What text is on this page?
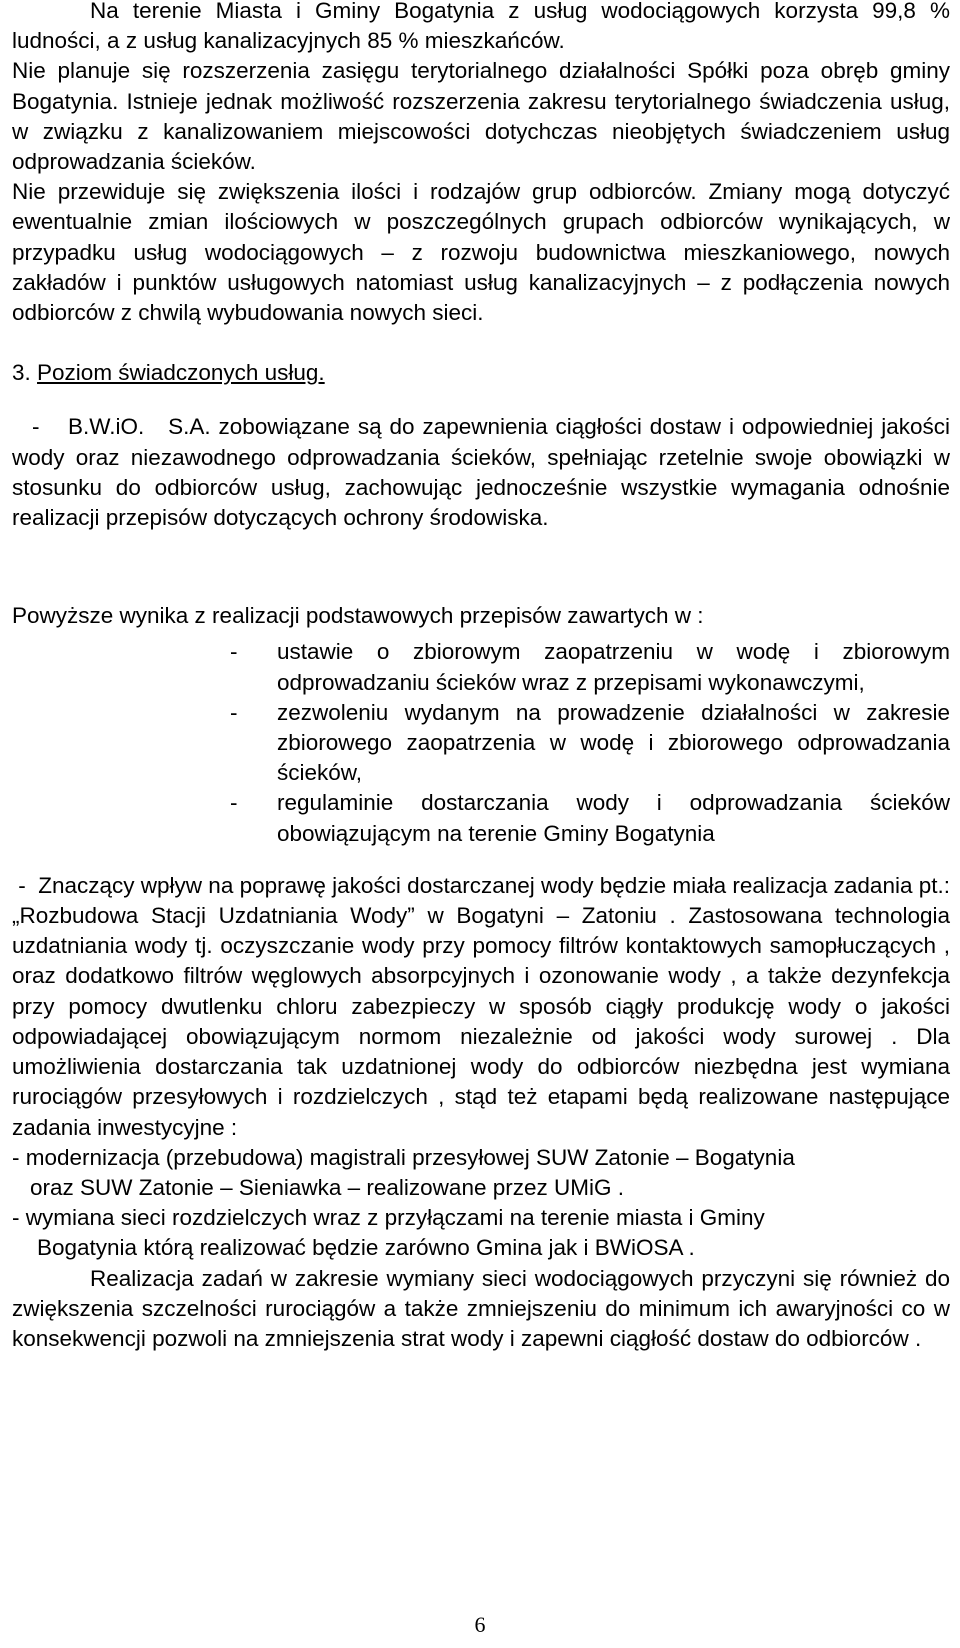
Na terenie Miasta i Gminy Bogatynia z usług wodociągowych korzysta 99,8 % ludności, a z usług kanalizacyjnych 85 % mieszkańców.

Nie planuje się rozszerzenia zasięgu terytorialnego działalności Spółki poza obręb gminy Bogatynia. Istnieje jednak możliwość rozszerzenia zakresu terytorialnego świadczenia usług, w związku z kanalizowaniem miejscowości dotychczas nieobjętych świadczeniem usług odprowadzania ścieków.

Nie przewiduje się zwiększenia ilości i rodzajów grup odbiorców. Zmiany mogą dotyczyć ewentualnie zmian ilościowych w poszczególnych grupach odbiorców wynikających, w przypadku usług wodociągowych – z rozwoju budownictwa mieszkaniowego, nowych zakładów i punktów usługowych natomiast usług kanalizacyjnych – z podłączenia nowych odbiorców z chwilą wybudowania nowych sieci.

3. Poziom świadczonych usług.

- B.W.iO.   S.A. zobowiązane są do zapewnienia ciągłości dostaw i odpowiedniej jakości wody oraz niezawodnego odprowadzania ścieków, spełniając rzetelnie swoje obowiązki w stosunku do odbiorców usług, zachowując jednocześnie wszystkie wymagania odnośnie realizacji przepisów dotyczących ochrony środowiska.

Powyższe wynika z realizacji podstawowych przepisów zawartych w :

- ustawie o zbiorowym zaopatrzeniu w wodę i zbiorowym odprowadzaniu ścieków wraz z przepisami wykonawczymi,
- zezwoleniu wydanym na prowadzenie działalności w zakresie zbiorowego zaopatrzenia w wodę i zbiorowego odprowadzania ścieków,
- regulaminie dostarczania wody i odprowadzania ścieków obowiązującym na terenie Gminy Bogatynia

-  Znaczący wpływ na poprawę jakości dostarczanej wody będzie miała realizacja zadania pt.: „Rozbudowa Stacji Uzdatniania Wody” w Bogatyni – Zatoniu . Zastosowana technologia uzdatniania wody tj. oczyszczanie wody przy pomocy filtrów kontaktowych samopłuczących , oraz dodatkowo filtrów węglowych absorpcyjnych i ozonowanie wody , a także dezynfekcja przy pomocy dwutlenku chloru zabezpieczy w sposób ciągły produkcję wody o jakości odpowiadającej obowiązującym normom niezależnie od jakości wody surowej . Dla umożliwienia dostarczania tak uzdatnionej wody do odbiorców niezbędna jest wymiana rurociągów przesyłowych i rozdzielczych , stąd też etapami będą realizowane następujące zadania inwestycyjne :

- modernizacja (przebudowa) magistrali przesyłowej SUW Zatonie – Bogatynia
oraz SUW Zatonie – Sieniawka – realizowane przez UMiG .
- wymiana sieci rozdzielczych wraz z przyłączami na terenie miasta i Gminy
Bogatynia którą realizować będzie zarówno Gmina jak i BWiOSA .

Realizacja zadań w zakresie wymiany sieci wodociągowych przyczyni się również do zwiększenia szczelności rurociągów a także zmniejszeniu do minimum ich awaryjności co w konsekwencji pozwoli na zmniejszenia strat wody i zapewni ciągłość dostaw do odbiorców .

6
